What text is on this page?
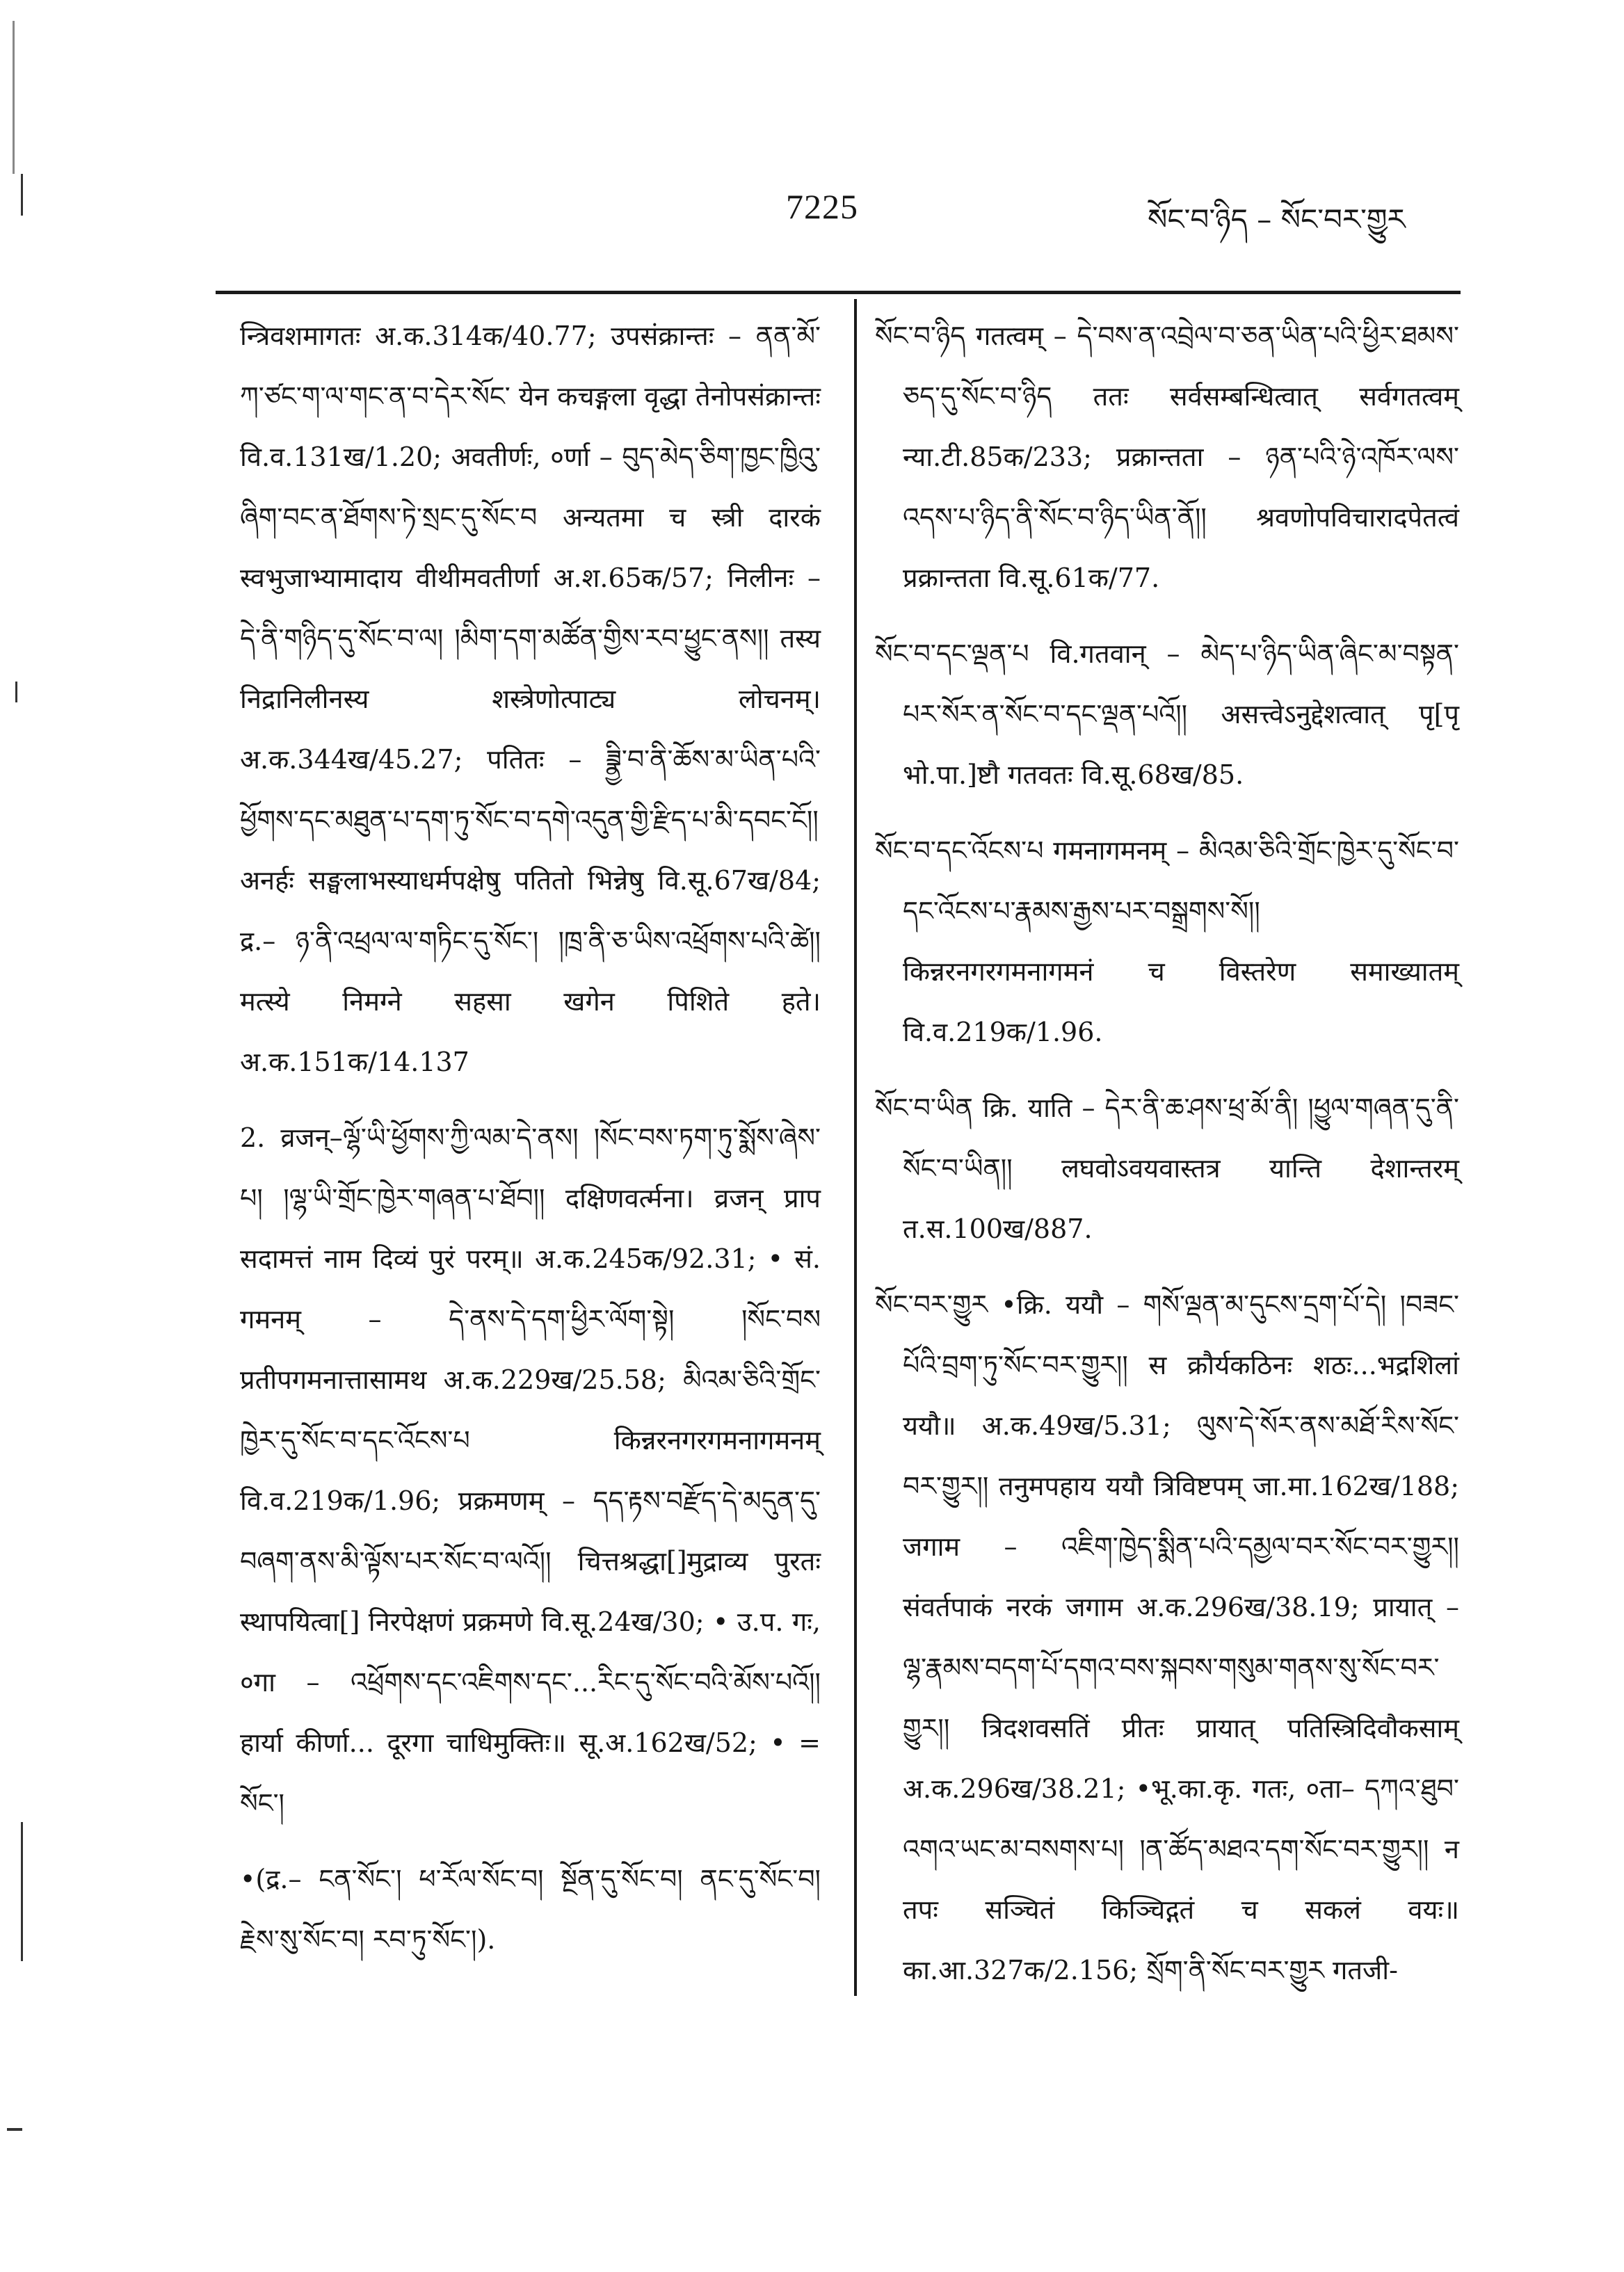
7225	སོང་བ་ཉིད – སོང་བར་གྱུར

न्त्रिवशमागतः अ.क.314क/40.77; उपसंक्रान्तः – ནན་མོ་ཀ་ཙང་ག་ལ་གང་ན་བ་དེར་སོང་ येन कचङ्गला वृद्धा तेनोपसंक्रान्तः वि.व.131ख/1.20; अवतीर्णः, ०र्णा – བུད་མེད་ཅིག་ཁྱང་ཁྱིའུ་ཞིག་བང་ན་ཐོགས་ཏེ་སྲང་དུ་སོང་བ अन्यतमा च स्त्री दारकं स्वभुजाभ्यामादाय वीथीमवतीर्णा अ.श.65क/57; निलीनः – དེ་ནི་གཉིད་དུ་སོང་བ་ལ། །མིག་དག་མཚོན་གྱིས་རབ་ཕྱུང་ནས།། तस्य निद्रानिलीनस्य शस्त्रेणोत्पाट्य लोचनम्। अ.क.344ख/45.27; पतितः – ཟྣྱི་བ་ནི་ཆོས་མ་ཡིན་པའི་ཕྱོགས་དང་མཐུན་པ་དག་ཏུ་སོང་བ་དགེ་འདུན་གྱི་རྫིད་པ་མི་དབང་ངོ།། अनर्हः सङ्घलाभस्याधर्मपक्षेषु पतितो भिन्नेषु वि.सू.67ख/84; द्र.– ཉ་ནི་འཕྲལ་ལ་གཏིང་དུ་སོང་། །ཁྲ་ནི་ཅ་ཡིས་འཕྲོགས་པའི་ཚེ།། मत्स्ये निमग्ने सहसा खगेन पिशिते हते। अ.क.151क/14.137

2. व्रजन्–ལྷོ་ཡི་ཕྱོགས་ཀྱི་ལམ་དེ་ནས། །སོང་བས་ཏག་ཏུ་སྨོས་ཞེས་པ། །ལྷ་ཡི་གྲོང་ཁྱེར་གཞན་པ་ཐོབ།། दक्षिणवर्त्मना। व्रजन् प्राप सदामत्तं नाम दिव्यं पुरं परम्॥ अ.क.245क/92.31; • सं. गमनम् – དེ་ནས་དེ་དག་ཕྱིར་ལོག་སྟེ། །སོང་བས प्रतीपगमनात्तासामथ अ.क.229ख/25.58; མིའམ་ཅིའི་གྲོང་ཁྱེར་དུ་སོང་བ་དང་འོངས་པ किन्नरनगरगमनागमनम् वि.व.219क/1.96; प्रक्रमणम् – དད་རྟས་བརྫོད་དེ་མདུན་དུ་བཞག་ནས་མི་ལྟོས་པར་སོང་བ་ལའོ།། चित्तश्रद्धा[]मुद्राव्य पुरतः स्थापयित्वा[] निरपेक्षणं प्रक्रमणे वि.सू.24ख/30; • उ.प. गः, ०गा – འཕྲོགས་དང་འཇིགས་དང་...རིང་དུ་སོང་བའི་མོས་པའོ།། हार्या कीर्णा... दूरगा चाधिमुक्तिः॥ सू.अ.162ख/52; • = སོང་།

•(द्र.– ངན་སོང་། ཕ་རོལ་སོང་བ། སྔོན་དུ་སོང་བ། ནང་དུ་སོང་བ། རྗེས་སུ་སོང་བ། རབ་ཏུ་སོང་།).

སོང་བ་ཉིད गतत्वम् – དེ་བས་ན་འབྲེལ་བ་ཅན་ཡིན་པའི་ཕྱིར་ཐམས་ཅད་དུ་སོང་བ་ཉིད ततः सर्वसम्बन्धित्वात् सर्वगतत्वम् न्या.टी.85क/233; प्रक्रान्तता – ཉན་པའི་ཉེ་འཁོར་ལས་འདས་པ་ཉིད་ནི་སོང་བ་ཉིད་ཡིན་ནོ།། श्रवणोपविचारादपेतत्वं प्रक्रान्तता वि.सू.61क/77.

སོང་བ་དང་ལྡན་པ वि.गतवान् – མེད་པ་ཉིད་ཡིན་ཞིང་མ་བསྟན་པར་སོར་ན་སོང་བ་དང་ལྡན་པའོ།། असत्त्वेऽनुद्देशत्वात् पृ[पृ भो.पा.]ष्टौ गतवतः वि.सू.68ख/85.

སོང་བ་དང་འོངས་པ गमनागमनम् – མིའམ་ཅིའི་གྲོང་ཁྱེར་དུ་སོང་བ་དང་འོངས་པ་རྣམས་རྒྱས་པར་བསྒྲགས་སོ།། किन्नरनगरगमनागमनं च विस्तरेण समाख्यातम् वि.व.219क/1.96.

སོང་བ་ཡིན क्रि. याति – དེར་ནི་ཆ་ཤས་ཕྲ་མོ་ནི། །ཕྱུལ་གཞན་དུ་ནི་སོང་བ་ཡིན།། लघवोऽवयवास्तत्र यान्ति देशान्तरम् त.स.100ख/887.

སོང་བར་གྱུར •क्रि. ययौ – གསོ་ལྡན་མ་དུངས་དྲག་པོ་དེ། །བཟང་པོའི་བྲག་ཏུ་སོང་བར་གྱུར།། स क्रौर्यकठिनः शठः...भद्रशिलां ययौ॥ अ.क.49ख/5.31; ལུས་དེ་སོར་ནས་མཐོ་རིས་སོང་བར་གྱུར།། तनुमपहाय ययौ त्रिविष्टपम् जा.मा.162ख/188; जगाम – འཇིག་ཁྱེད་སྨིན་པའི་དམྱལ་བར་སོང་བར་གྱུར།། संवर्तपाकं नरकं जगाम अ.क.296ख/38.19; प्रायात् – ལྷ་རྣམས་བདག་པོ་དགའ་བས་སྐབས་གསུམ་གནས་སུ་སོང་བར་གྱུར།། त्रिदशवसतिं प्रीतः प्रायात् पतिस्त्रिदिवौकसाम् अ.क.296ख/38.21; •भू.का.कृ. गतः, ०ता– དཀའ་ཐུབ་འགའ་ཡང་མ་བསགས་པ། །ན་ཚོད་མཐའ་དག་སོང་བར་གྱུར།། न तपः सञ्चितं किञ्चिद्गतं च सकलं वयः॥ का.आ.327क/2.156; སྲོག་ནི་སོང་བར་གྱུར गतजी-
